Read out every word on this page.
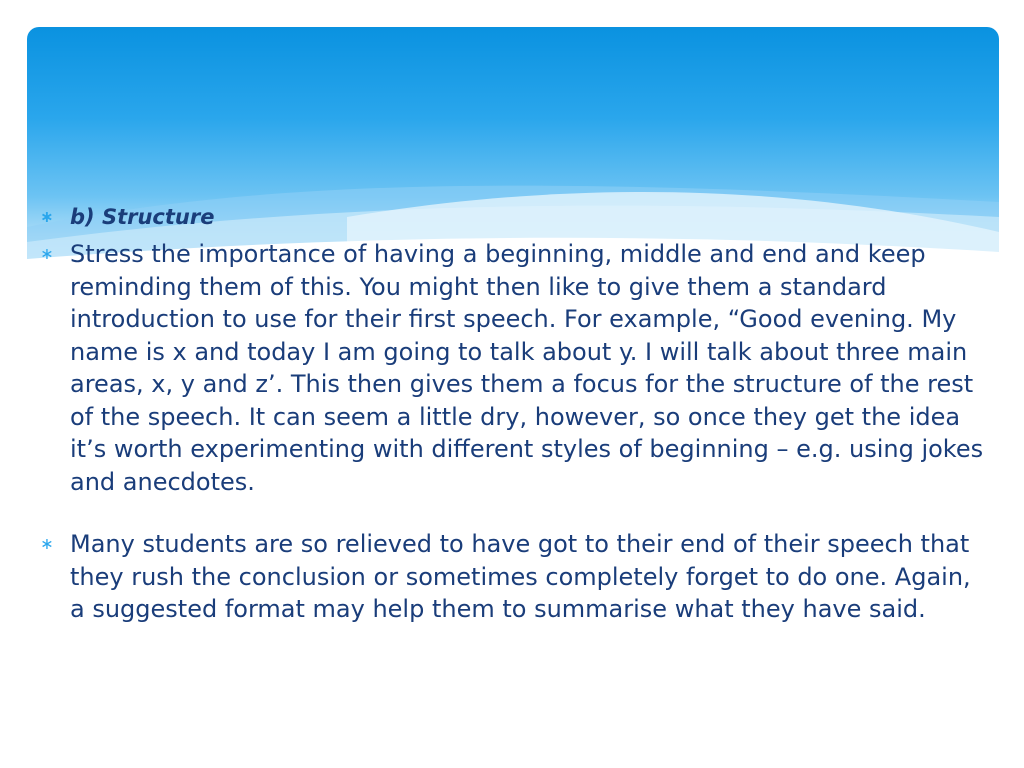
∗ b) Structure
∗ Stress the importance of having a beginning, middle and end and keep reminding them of this. You might then like to give them a standard introduction to use for their first speech. For example, “Good evening. My name is x and today I am going to talk about y. I will talk about three main areas, x, y and z’. This then gives them a focus for the structure of the rest of the speech. It can seem a little dry, however, so once they get the idea it’s worth experimenting with different styles of beginning – e.g. using jokes and anecdotes.
∗ Many students are so relieved to have got to their end of their speech that they rush the conclusion or sometimes completely forget to do one. Again, a suggested format may help them to summarise what they have said.
